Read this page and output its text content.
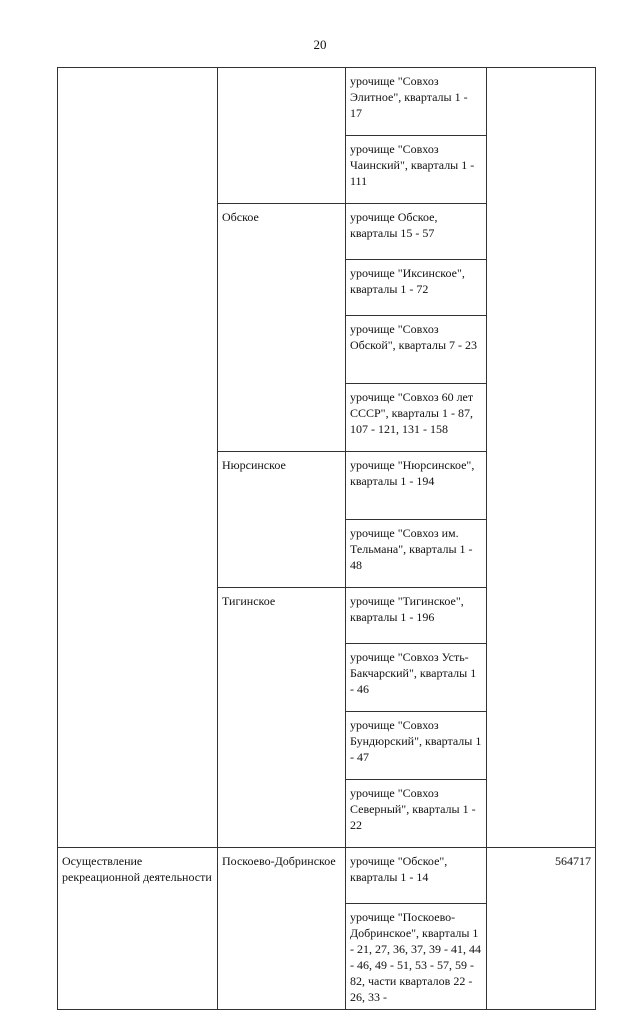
20
		урочище "Совхоз Элитное", кварталы 1 - 17	
		урочище "Совхоз Чаинский", кварталы 1 - 111	
	Обское	урочище Обское, кварталы 15 - 57	
		урочище "Иксинское", кварталы 1 - 72	
		урочище "Совхоз Обской", кварталы 7 - 23	
		урочище "Совхоз 60 лет СССР", кварталы 1 - 87, 107 - 121, 131 - 158	
	Нюрсинское	урочище "Нюрсинское", кварталы 1 - 194	
		урочище "Совхоз им. Тельмана", кварталы 1 - 48	
	Тигинское	урочище "Тигинское", кварталы 1 - 196	
		урочище "Совхоз Усть-Бакчарский", кварталы 1 - 46	
		урочище "Совхоз Бундюрский", кварталы 1 - 47	
		урочище "Совхоз Северный", кварталы 1 - 22	
Осуществление рекреационной деятельности	Поскоево-Добринское	урочище "Обское", кварталы 1 - 14	564717
		урочище "Поскоево-Добринское", кварталы 1 - 21, 27, 36, 37, 39 - 41, 44 - 46, 49 - 51, 53 - 57, 59 - 82, части кварталов 22 - 26, 33 -	
